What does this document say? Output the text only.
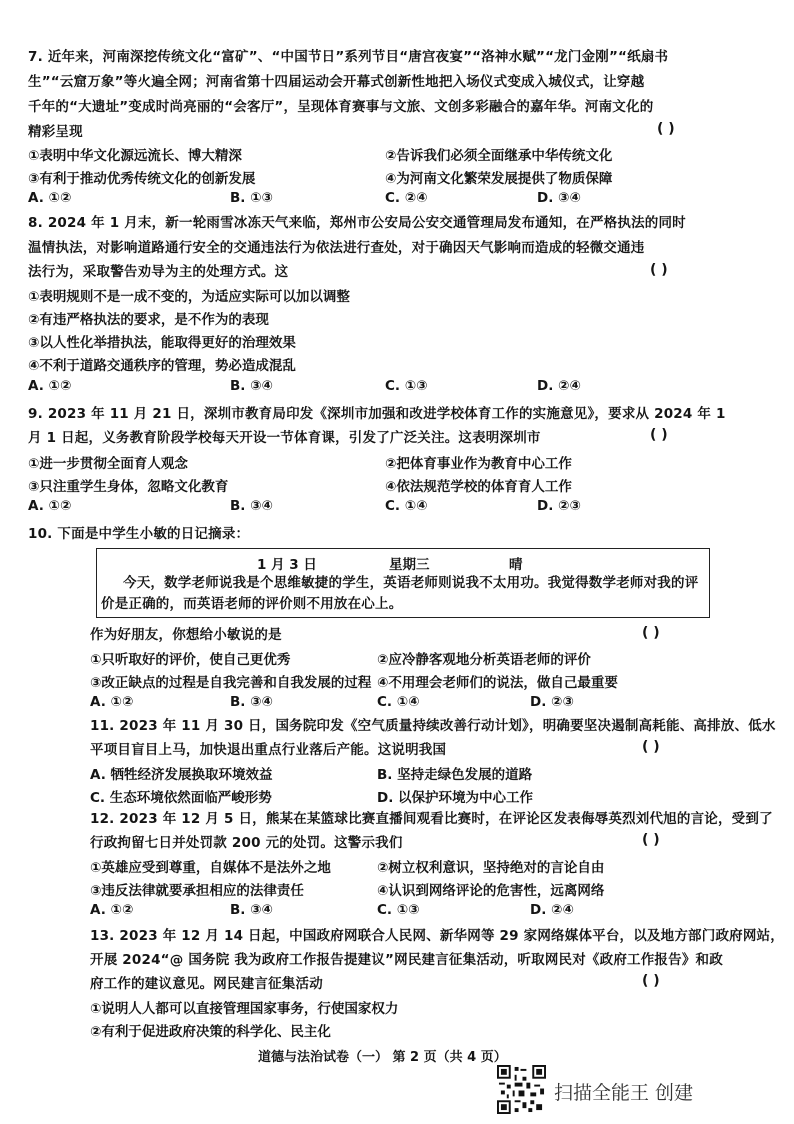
7. 近年来，河南深挖传统文化“富矿”、“中国节日”系列节目“唐宫夜宴”“洛神水赋”“龙门金刚”“纸扇书
生”“云窟万象”等火遍全网；河南省第十四届运动会开幕式创新性地把入场仪式变成入城仪式，让穿越
千年的“大遗址”变成时尚亮丽的“会客厅”，呈现体育赛事与文旅、文创多彩融合的嘉年华。河南文化的
精彩呈现	( )
①表明中华文化源远流长、博大精深	②告诉我们必须全面继承中华传统文化
③有利于推动优秀传统文化的创新发展	④为河南文化繁荣发展提供了物质保障
A. ①②	B. ①③	C. ②④	D. ③④
8. 2024 年 1 月末，新一轮雨雪冰冻天气来临，郑州市公安局公安交通管理局发布通知，在严格执法的同时
温情执法，对影响道路通行安全的交通违法行为依法进行查处，对于确因天气影响而造成的轻微交通违
法行为，采取警告劝导为主的处理方式。这	( )
①表明规则不是一成不变的，为适应实际可以加以调整
②有违严格执法的要求，是不作为的表现
③以人性化举措执法，能取得更好的治理效果
④不利于道路交通秩序的管理，势必造成混乱
A. ①②	B. ③④	C. ①③	D. ②④
9. 2023 年 11 月 21 日，深圳市教育局印发《深圳市加强和改进学校体育工作的实施意见》，要求从 2024 年 1
月 1 日起，义务教育阶段学校每天开设一节体育课，引发了广泛关注。这表明深圳市	( )
①进一步贯彻全面育人观念	②把体育事业作为教育中心工作
③只注重学生身体，忽略文化教育	④依法规范学校的体育育人工作
A. ①②	B. ③④	C. ①④	D. ②③
10. 下面是中学生小敏的日记摘录：
1 月 3 日	星期三	晴
今天，数学老师说我是个思维敏捷的学生，英语老师则说我不太用功。我觉得数学老师对我的评
价是正确的，而英语老师的评价则不用放在心上。
作为好朋友，你想给小敏说的是	( )
①只听取好的评价，使自己更优秀	②应冷静客观地分析英语老师的评价
③改正缺点的过程是自我完善和自我发展的过程 ④不用理会老师们的说法，做自己最重要
A. ①②	B. ③④	C. ①④	D. ②③
11. 2023 年 11 月 30 日，国务院印发《空气质量持续改善行动计划》，明确要坚决遏制高耗能、高排放、低水
平项目盲目上马，加快退出重点行业落后产能。这说明我国	( )
A. 牺牲经济发展换取环境效益	B. 坚持走绿色发展的道路
C. 生态环境依然面临严峻形势	D. 以保护环境为中心工作
12. 2023 年 12 月 5 日，熊某在某篮球比赛直播间观看比赛时，在评论区发表侮辱英烈刘代旭的言论，受到了
行政拘留七日并处罚款 200 元的处罚。这警示我们	( )
①英雄应受到尊重，自媒体不是法外之地	②树立权利意识，坚持绝对的言论自由
③违反法律就要承担相应的法律责任	④认识到网络评论的危害性，远离网络
A. ①②	B. ③④	C. ①③	D. ②④
13. 2023 年 12 月 14 日起，中国政府网联合人民网、新华网等 29 家网络媒体平台，以及地方部门政府网站，
开展 2024“@ 国务院 我为政府工作报告提建议”网民建言征集活动，听取网民对《政府工作报告》和政
府工作的建议意见。网民建言征集活动	( )
①说明人人都可以直接管理国家事务，行使国家权力
②有利于促进政府决策的科学化、民主化
道德与法治试卷（一） 第 2 页（共 4 页）
扫描全能王 创建
